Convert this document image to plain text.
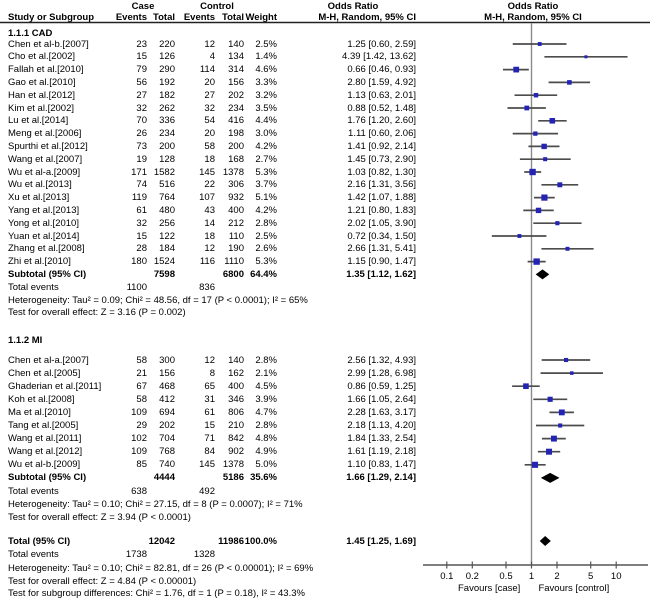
Case	Control	Odds Ratio	Odds Ratio
Study or Subgroup Events Total Events Total Weight	M-H, Random, 95% CI	M-H, Random, 95% CI
1.1.1 CAD
Chen et al-b.[2007]	23 220	12 140 2.5%	1.25 [0.60, 2.59]
Cho et al.[2002]	15 126	4 134 1.4%	4.39 [1.42, 13.62]
Fallah et al.[2010]	79 290	114 314 4.6%	0.66 [0.46, 0.93]
Gao et al.[2010]	56 192	20 156 3.3%	2.80 [1.59, 4.92]
Han et al.[2012]	27 182	27 202 3.2%	1.13 [0.63, 2.01]
Kim et al.[2002]	32 262	32 234 3.5%	0.88 [0.52, 1.48]
Lu et al.[2014]	70 336	54 416 4.4%	1.76 [1.20, 2.60]
Meng et al.[2006]	26 234	20 198 3.0%	1.11 [0.60, 2.06]
Spurthi et al.[2012]	73 200	58 200 4.2%	1.41 [0.92, 2.14]
Wang et al.[2007]	19 128	18 168 2.7%	1.45 [0.73, 2.90]
Wu et al-a.[2009]	171 1582	145 1378 5.3%	1.03 [0.82, 1.30]
Wu et al.[2013]	74 516	22 306 3.7%	2.16 [1.31, 3.56]
Xu et al.[2013]	119 764	107 932 5.1%	1.42 [1.07, 1.88]
Yang et al.[2013]	61 480	43 400 4.2%	1.21 [0.80, 1.83]
Yong et al.[2010]	32 256	14 212 2.8%	2.02 [1.05, 3.90]
Yuan et al.[2014]	15 122	18 110 2.5%	0.72 [0.34, 1.50]
Zhang et al.[2008]	28 184	12 190 2.6%	2.66 [1.31, 5.41]
Zhi et al.[2010]	180 1524	116 1110 5.3%	1.15 [0.90, 1.47]
Subtotal (95% CI)	7598	6800 64.4%	1.35 [1.12, 1.62]
Total events	1100	836
Heterogeneity: Tau² = 0.09; Chi² = 48.56, df = 17 (P < 0.0001); I² = 65%
Test for overall effect: Z = 3.16 (P = 0.002)
1.1.2 MI
Chen et al-a.[2007]	58 300	12 140 2.8%	2.56 [1.32, 4.93]
Chen et al.[2005]	21 156	8 162 2.1%	2.99 [1.28, 6.98]
Ghaderian et al.[2011]	67 468	65 400 4.5%	0.86 [0.59, 1.25]
Koh et al.[2008]	58 412	31 346 3.9%	1.66 [1.05, 2.64]
Ma et al.[2010]	109 694	61 806 4.7%	2.28 [1.63, 3.17]
Tang et al.[2005]	29 202	15 210 2.8%	2.18 [1.13, 4.20]
Wang et al.[2011]	102 704	71 842 4.8%	1.84 [1.33, 2.54]
Wang et al.[2012]	109 768	84 902 4.9%	1.61 [1.19, 2.18]
Wu et al-b.[2009]	85 740	145 1378 5.0%	1.10 [0.83, 1.47]
Subtotal (95% CI)	4444	5186 35.6%	1.66 [1.29, 2.14]
Total events	638	492
Heterogeneity: Tau² = 0.10; Chi² = 27.15, df = 8 (P = 0.0007); I² = 71%
Test for overall effect: Z = 3.94 (P < 0.0001)
Total (95% CI)	12042	11986 100.0%	1.45 [1.25, 1.69]
Total events	1738	1328
Heterogeneity: Tau² = 0.10; Chi² = 82.81, df = 26 (P < 0.00001); I² = 69%
Test for overall effect: Z = 4.84 (P < 0.00001)
Test for subgroup differences: Chi² = 1.76, df = 1 (P = 0.18), I² = 43.3%
0.1 0.2 0.5 1 2	5 10
Favours [case] Favours [control]
